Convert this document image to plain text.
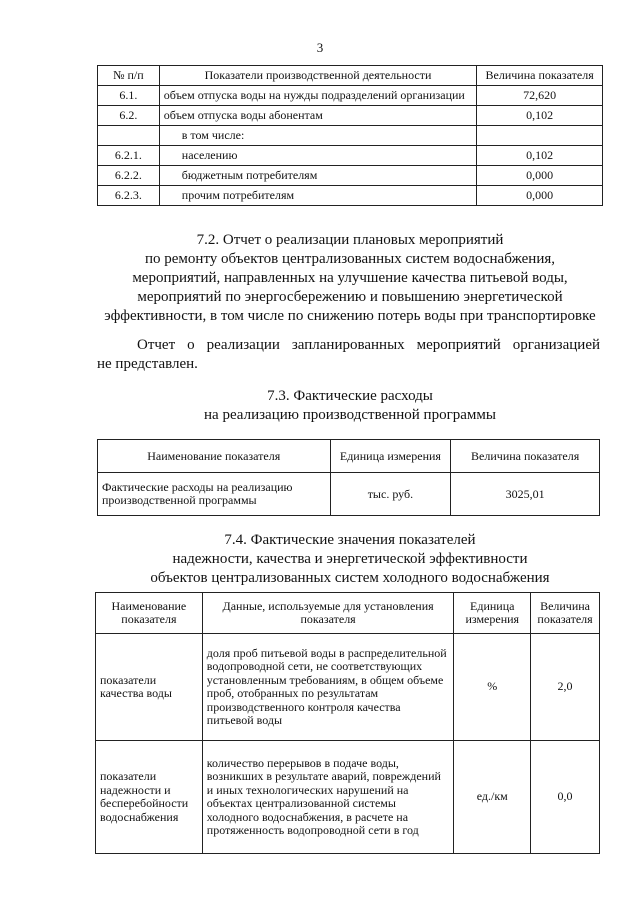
3
№ п/п	Показатели производственной деятельности	Величина показателя
6.1.	объем отпуска воды на нужды подразделений организации	72,620
6.2.	объем отпуска воды абонентам	0,102
	в том числе:	
6.2.1.	населению	0,102
6.2.2.	бюджетным потребителям	0,000
6.2.3.	прочим потребителям	0,000
7.2. Отчет о реализации плановых мероприятий
по ремонту объектов централизованных систем водоснабжения,
мероприятий, направленных на улучшение качества питьевой воды,
мероприятий по энергосбережению и повышению энергетической
эффективности, в том числе по снижению потерь воды при транспортировке
Отчет о реализации запланированных мероприятий организацией
не представлен.
7.3. Фактические расходы
на реализацию производственной программы
Наименование показателя	Единица измерения	Величина показателя
Фактические расходы на реализацию производственной программы	тыс. руб.	3025,01
7.4. Фактические значения показателей
надежности, качества и энергетической эффективности
объектов централизованных систем холодного водоснабжения
Наименование показателя	Данные, используемые для установления показателя	Единица измерения	Величина показателя
показатели качества воды	доля проб питьевой воды в распределительной водопроводной сети, не соответствующих установленным требованиям, в общем объеме проб, отобранных по результатам производственного контроля качества питьевой воды	%	2,0
показатели надежности и бесперебойности водоснабжения	количество перерывов в подаче воды, возникших в результате аварий, повреждений и иных технологических нарушений на объектах централизованной системы холодного водоснабжения, в расчете на протяженность водопроводной сети в год	ед./км	0,0
